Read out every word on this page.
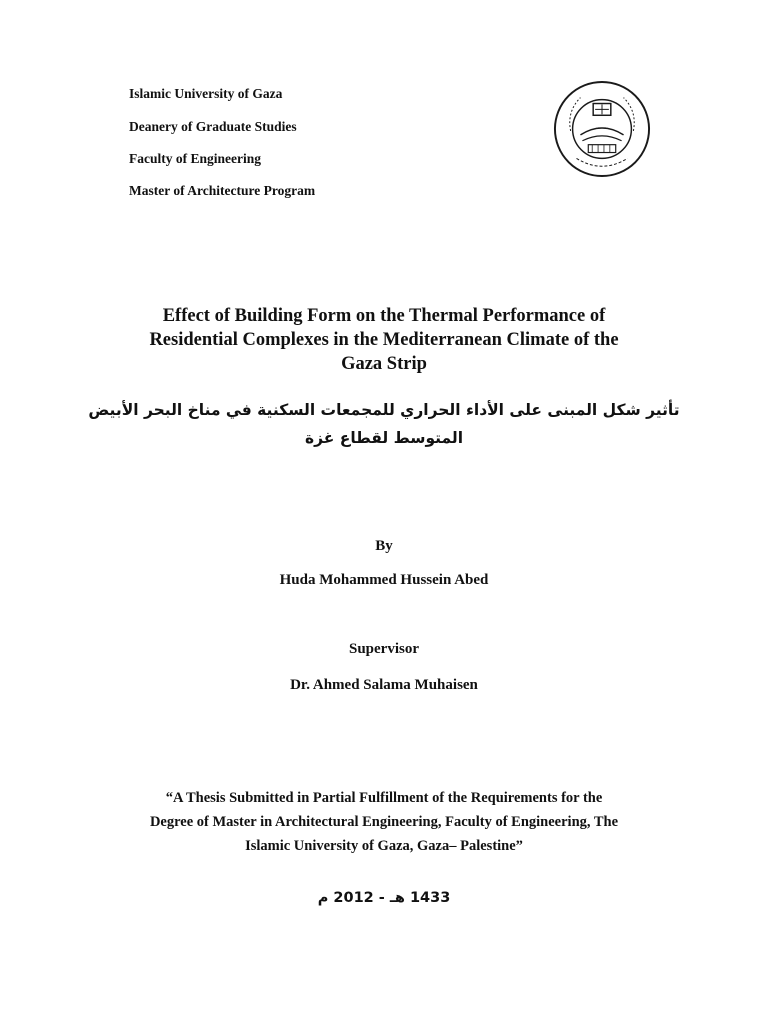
Islamic University of Gaza
Deanery of Graduate Studies
Faculty of Engineering
Master of Architecture Program
Effect of Building Form on the Thermal Performance of
Residential Complexes in the Mediterranean Climate of the
Gaza Strip
تأثير شكل المبنى على الأداء الحراري للمجمعات السكنية في مناخ البحر الأبيض
المتوسط لقطاع غزة
By
Huda Mohammed Hussein Abed
Supervisor
Dr. Ahmed Salama Muhaisen
“A Thesis Submitted in Partial Fulfillment of the Requirements for the
Degree of Master in Architectural Engineering, Faculty of Engineering, The
Islamic University of Gaza, Gaza– Palestine”
1433 هـ - 2012 م
